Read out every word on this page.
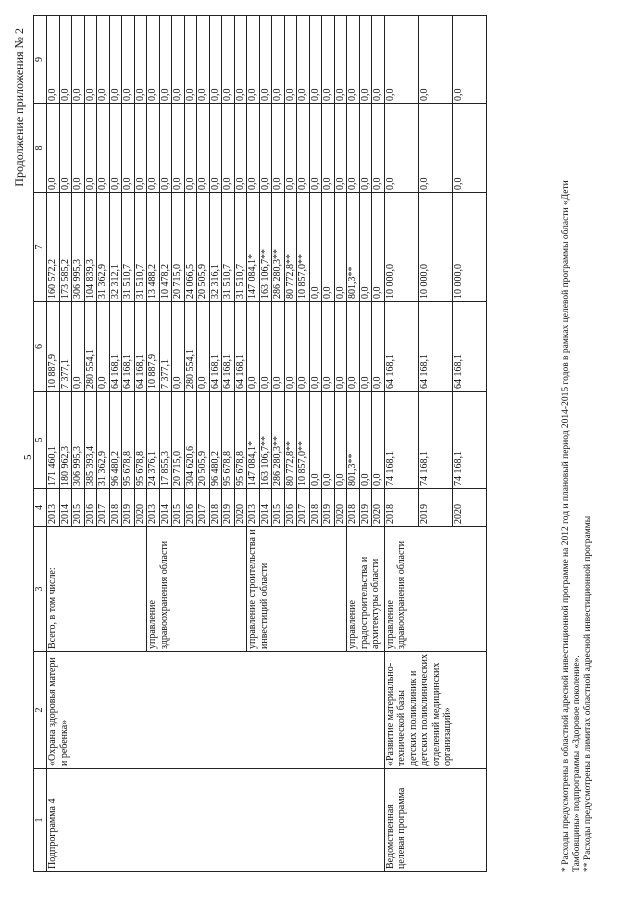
5
Продолжение приложения № 2
1	2	3	4	5	6	7	8	9
Подпрограмма 4	«Охрана здоровья матери и ребенка»	Всего, в том числе:	2013	171 460,1	10 887,9	160 572,2	0,0	0,0
			2014	180 962,3	7 377,1	173 585,2	0,0	0,0
			2015	306 995,3	0,0	306 995,3	0,0	0,0
			2016	385 393,4	280 554,1	104 839,3	0,0	0,0
			2017	31 362,9	0,0	31 362,9	0,0	0,0
			2018	96 480,2	64 168,1	32 312,1	0,0	0,0
			2019	95 678,8	64 168,1	31 510,7	0,0	0,0
			2020	95 678,8	64 168,1	31 510,7	0,0	0,0
		управление здравоохранения области	2013	24 376,1	10 887,9	13 488,2	0,0	0,0
			2014	17 855,3	7 377,1	10 478,2	0,0	0,0
			2015	20 715,0	0,0	20 715,0	0,0	0,0
			2016	304 620,6	280 554,1	24 066,5	0,0	0,0
			2017	20 505,9	0,0	20 505,9	0,0	0,0
			2018	96 480,2	64 168,1	32 316,1	0,0	0,0
			2019	95 678,8	64 168,1	31 510,7	0,0	0,0
			2020	95 678,8	64 168,1	31 510,7	0,0	0,0
		управление строительства и инвестиций области	2013	147 084,1*	0,0	147 084,1*	0,0	0,0
			2014	163 106,7**	0,0	163 106,7**	0,0	0,0
			2015	286 280,3**	0,0	286 280,3**	0,0	0,0
			2016	80 772,8**	0,0	80 772,8**	0,0	0,0
			2017	10 857,0**	0,0	10 857,0**	0,0	0,0
			2018	0,0	0,0	0,0	0,0	0,0
			2019	0,0	0,0	0,0	0,0	0,0
			2020	0,0	0,0	0,0	0,0	0,0
		управление градостроительства и архитектуры области	2018	801,3**	0,0	801,3**	0,0	0,0
			2019	0,0	0,0	0,0	0,0	0,0
			2020	0,0	0,0	0,0	0,0	0,0
Ведомственная целевая программа	«Развитие материально-технической базы детских поликлиник и детских поликлинических отделений медицинских организаций»	управление здравоохранения области	2018	74 168,1	64 168,1	10 000,0	0,0	0,0
			2019	74 168,1	64 168,1	10 000,0	0,0	0,0
			2020	74 168,1	64 168,1	10 000,0	0,0	0,0
* Расходы предусмотрены в областной адресной инвестиционной программе на 2012 год и плановый период 2014-2015 годов в рамках целевой программы области «Дети Тамбовщины» подпрограммы «Здоровое поколение». ** Расходы предусмотрены в лимитах областной адресной инвестиционной программы
